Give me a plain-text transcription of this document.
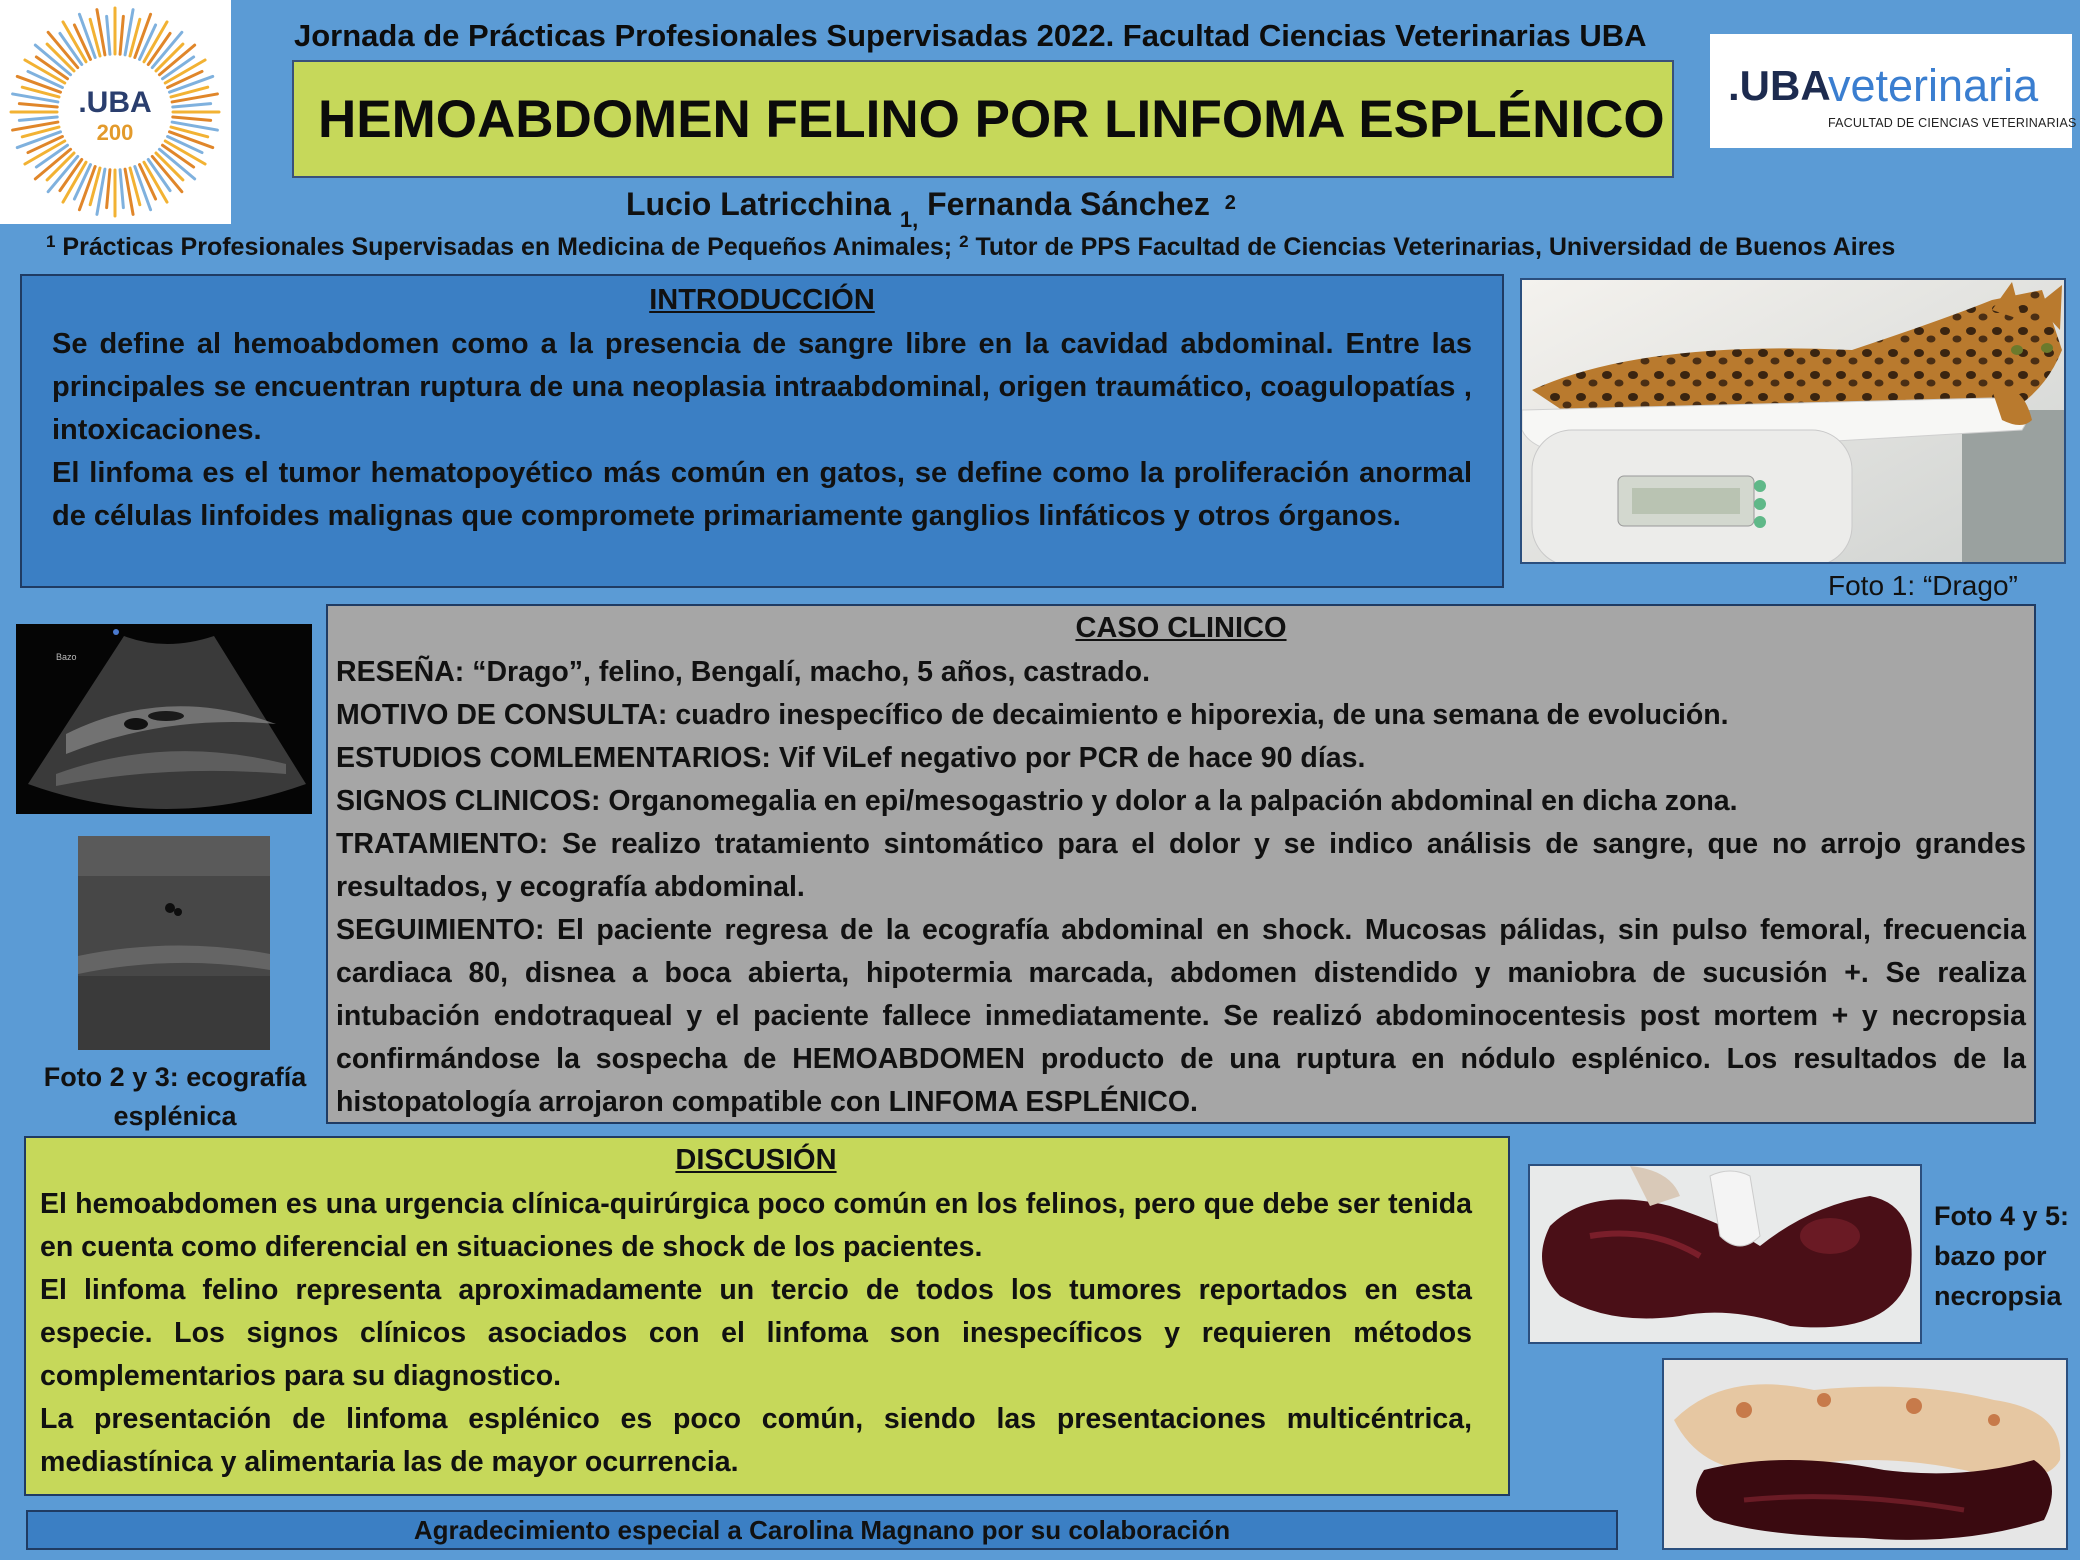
.UBA
200
Jornada de Prácticas Profesionales Supervisadas 2022. Facultad Ciencias Veterinarias UBA
HEMOABDOMEN FELINO POR LINFOMA ESPLÉNICO
.UBA
veterinaria
FACULTAD DE CIENCIAS VETERINARIAS
Lucio Latricchina $_{1,}$ Fernanda Sánchez $^2$
$^1$ Prácticas Profesionales Supervisadas en Medicina de Pequeños Animales; $^2$ Tutor de PPS Facultad de Ciencias Veterinarias, Universidad de Buenos Aires
INTRODUCCIÓN

Se define al hemoabdomen como a la presencia de sangre libre en la cavidad abdominal. Entre las principales se encuentran ruptura de una neoplasia intraabdominal, origen traumático, coagulopatías , intoxicaciones.

El linfoma es el tumor hematopoyético más común en gatos, se define como la proliferación anormal de células linfoides malignas que compromete primariamente ganglios linfáticos y otros órganos.

Foto 1: “Drago”
Bazo
Foto 2 y 3: ecografía esplénica
CASO CLINICO

RESEÑA: “Drago”, felino, Bengalí, macho, 5 años, castrado.

MOTIVO DE CONSULTA: cuadro inespecífico de decaimiento e hiporexia, de una semana de evolución.

ESTUDIOS COMLEMENTARIOS: Vif ViLef negativo por PCR de hace 90 días.

SIGNOS CLINICOS: Organomegalia en epi/mesogastrio y dolor a la palpación abdominal en dicha zona.

TRATAMIENTO: Se realizo tratamiento sintomático para el dolor y se indico análisis de sangre, que no arrojo grandes resultados, y ecografía abdominal.

SEGUIMIENTO: El paciente regresa de la ecografía abdominal en shock. Mucosas pálidas, sin pulso femoral, frecuencia cardiaca 80, disnea a boca abierta, hipotermia marcada, abdomen distendido y maniobra de sucusión +. Se realiza intubación endotraqueal y el paciente fallece inmediatamente. Se realizó abdominocentesis post mortem + y necropsia confirmándose la sospecha de HEMOABDOMEN producto de una ruptura en nódulo esplénico. Los resultados de la histopatología arrojaron compatible con LINFOMA ESPLÉNICO.

DISCUSIÓN

El hemoabdomen es una urgencia clínica-quirúrgica poco común en los felinos, pero que debe ser tenida en cuenta como diferencial en situaciones de shock de los pacientes.

El linfoma felino representa aproximadamente un tercio de todos los tumores reportados en esta especie. Los signos clínicos asociados con el linfoma son inespecíficos y requieren métodos complementarios para su diagnostico.

La presentación de linfoma esplénico es poco común, siendo las presentaciones multicéntrica, mediastínica y alimentaria las de mayor ocurrencia.

Foto 4 y 5: bazo por necropsia
Agradecimiento especial a Carolina Magnano por su colaboración
